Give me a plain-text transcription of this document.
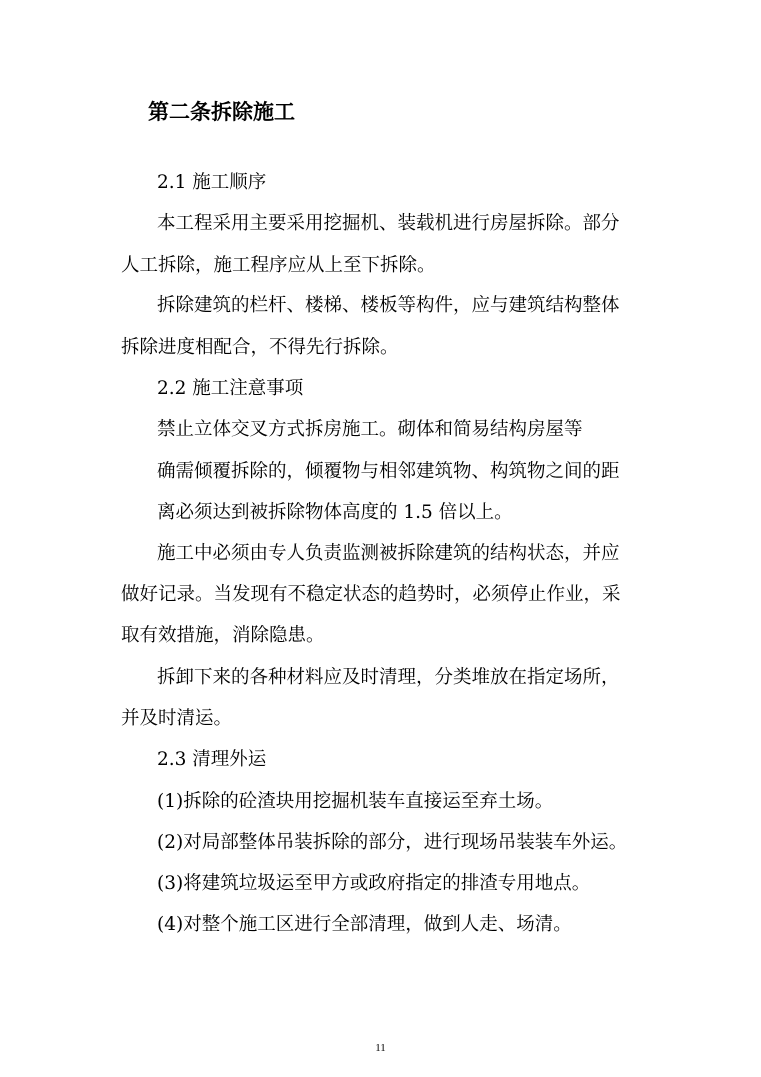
第二条拆除施工
2.1 施工顺序
本工程采用主要采用挖掘机、装载机进行房屋拆除。部分
人工拆除，施工程序应从上至下拆除。
拆除建筑的栏杆、楼梯、楼板等构件，应与建筑结构整体
拆除进度相配合，不得先行拆除。
2.2 施工注意事项
禁止立体交叉方式拆房施工。砌体和简易结构房屋等
确需倾覆拆除的，倾覆物与相邻建筑物、构筑物之间的距
离必须达到被拆除物体高度的 1.5 倍以上。
施工中必须由专人负责监测被拆除建筑的结构状态，并应
做好记录。当发现有不稳定状态的趋势时，必须停止作业，采
取有效措施，消除隐患。
拆卸下来的各种材料应及时清理，分类堆放在指定场所，
并及时清运。
2.3 清理外运
(1)拆除的砼渣块用挖掘机装车直接运至弃土场。
(2)对局部整体吊装拆除的部分，进行现场吊装装车外运。
(3)将建筑垃圾运至甲方或政府指定的排渣专用地点。
(4)对整个施工区进行全部清理，做到人走、场清。
11
